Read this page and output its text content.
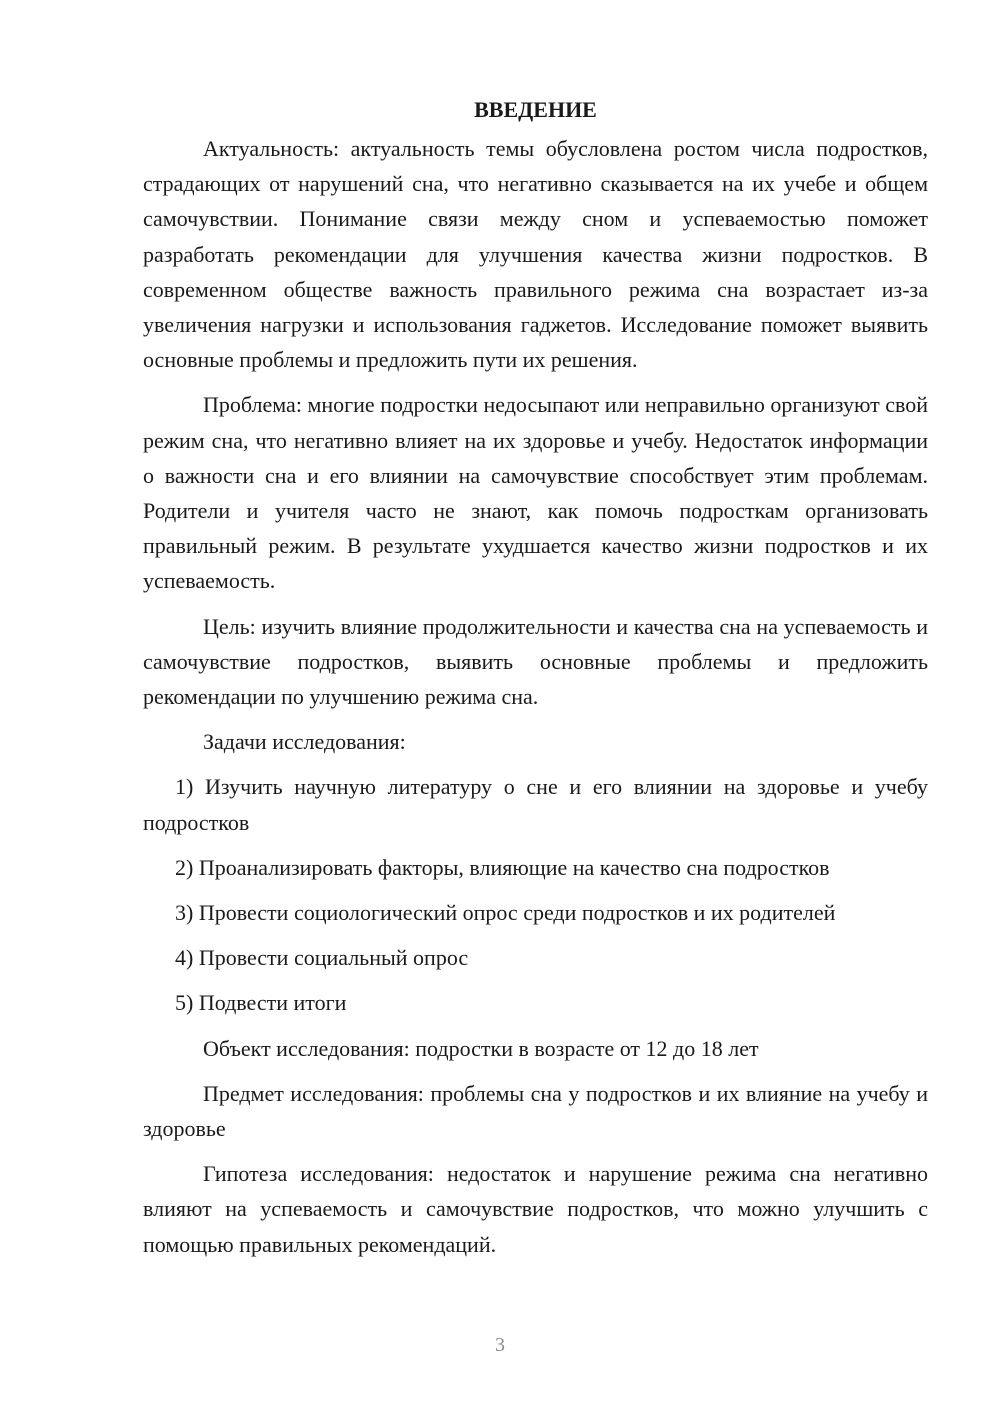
ВВЕДЕНИЕ

Актуальность: актуальность темы обусловлена ростом числа подростков, страдающих от нарушений сна, что негативно сказывается на их учебе и общем самочувствии. Понимание связи между сном и успеваемостью поможет разработать рекомендации для улучшения качества жизни подростков. В современном обществе важность правильного режима сна возрастает из-за увеличения нагрузки и использования гаджетов. Исследование поможет выявить основные проблемы и предложить пути их решения.

Проблема: многие подростки недосыпают или неправильно организуют свой режим сна, что негативно влияет на их здоровье и учебу. Недостаток информации о важности сна и его влиянии на самочувствие способствует этим проблемам. Родители и учителя часто не знают, как помочь подросткам организовать правильный режим. В результате ухудшается качество жизни подростков и их успеваемость.

Цель: изучить влияние продолжительности и качества сна на успеваемость и самочувствие подростков, выявить основные проблемы и предложить рекомендации по улучшению режима сна.

Задачи исследования:

1) Изучить научную литературу о сне и его влиянии на здоровье и учебу подростков

2) Проанализировать факторы, влияющие на качество сна подростков

3) Провести социологический опрос среди подростков и их родителей

4) Провести социальный опрос

5) Подвести итоги

Объект исследования: подростки в возрасте от 12 до 18 лет

Предмет исследования: проблемы сна у подростков и их влияние на учебу и здоровье

Гипотеза исследования: недостаток и нарушение режима сна негативно влияют на успеваемость и самочувствие подростков, что можно улучшить с помощью правильных рекомендаций.

3
